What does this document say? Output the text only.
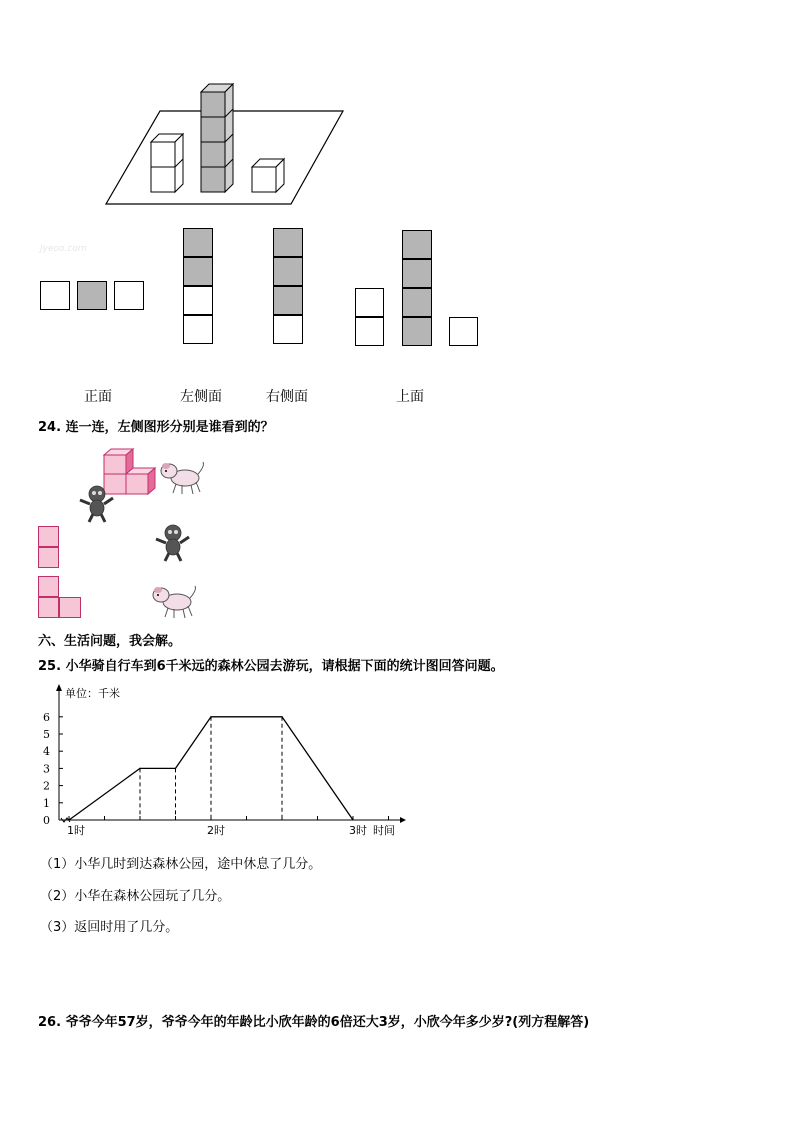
Jyeoo.com
正面	左侧面	右侧面	上面
24. 连一连，左侧图形分别是谁看到的？
六、生活问题，我会解。
25. 小华骑自行车到6千米远的森林公园去游玩，请根据下面的统计图回答问题。
0
1
2
3
4
5
6
1时	2时	3时
单位：千米
时间
（1）小华几时到达森林公园，途中休息了几分。
（2）小华在森林公园玩了几分。
（3）返回时用了几分。
26. 爷爷今年57岁，爷爷今年的年龄比小欣年龄的6倍还大3岁，小欣今年多少岁?(列方程解答)
